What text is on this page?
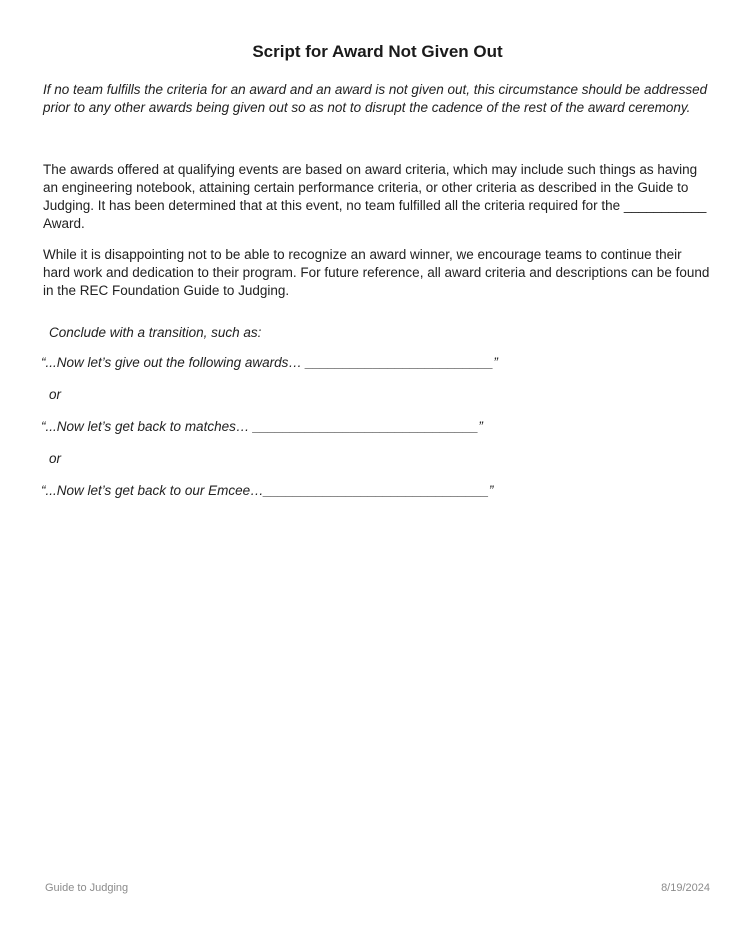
Script for Award Not Given Out

If no team fulfills the criteria for an award and an award is not given out, this circumstance should be addressed prior to any other awards being given out so as not to disrupt the cadence of the rest of the award ceremony.

The awards offered at qualifying events are based on award criteria, which may include such things as having an engineering notebook, attaining certain performance criteria, or other criteria as described in the Guide to Judging. It has been determined that at this event, no team fulfilled all the criteria required for the ___________ Award.

While it is disappointing not to be able to recognize an award winner, we encourage teams to continue their hard work and dedication to their program. For future reference, all award criteria and descriptions can be found in the REC Foundation Guide to Judging.

Conclude with a transition, such as:

“...Now let’s give out the following awards… _________________________”

or

“...Now let’s get back to matches… ______________________________”

or

“...Now let’s get back to our Emcee…______________________________”

Guide to Judging	8/19/2024
